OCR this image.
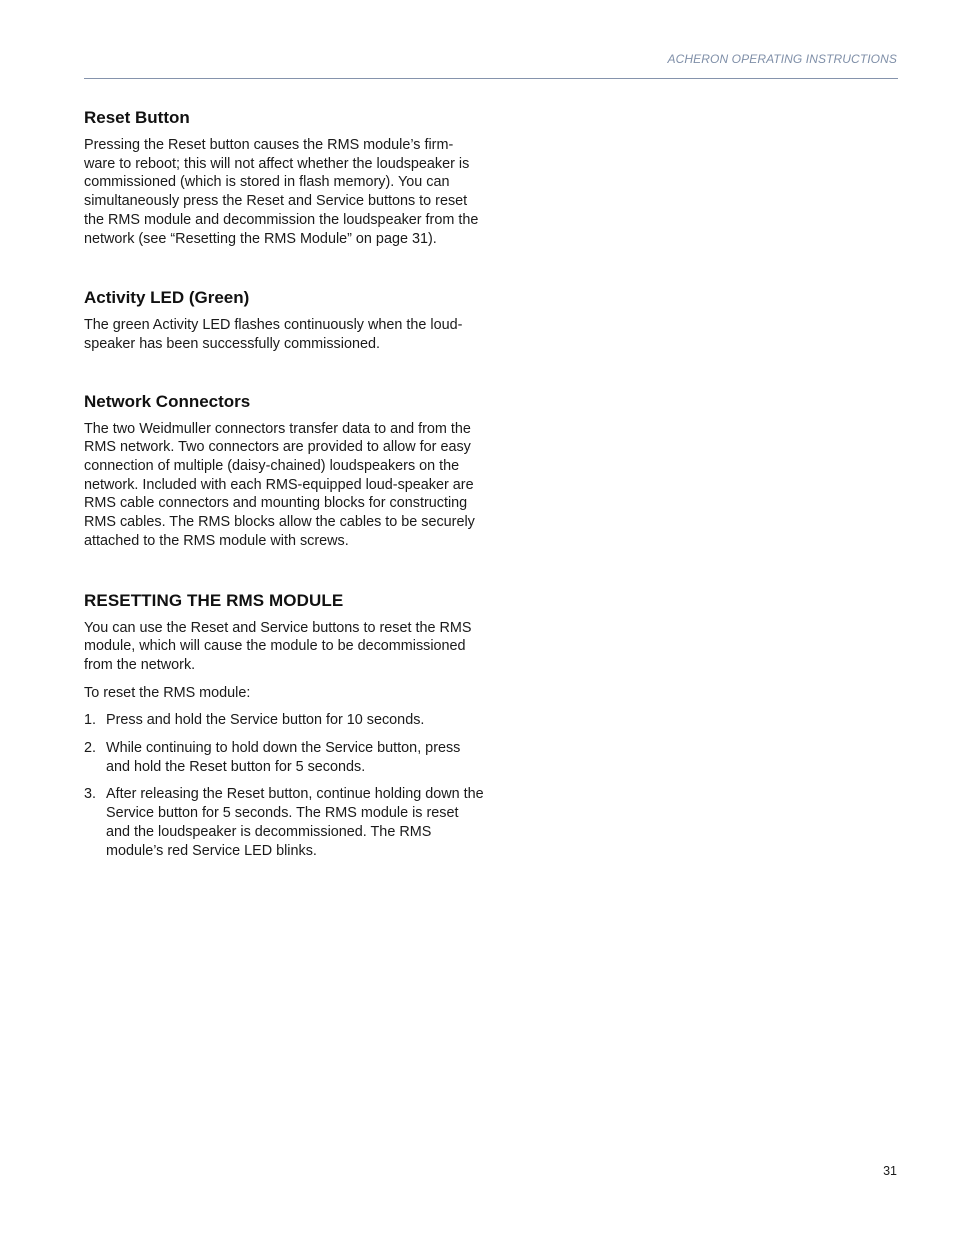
ACHERON OPERATING INSTRUCTIONS
Reset Button

Pressing the Reset button causes the RMS module’s firm-ware to reboot; this will not affect whether the loudspeaker is commissioned (which is stored in flash memory). You can simultaneously press the Reset and Service buttons to reset the RMS module and decommission the loudspeaker from the network (see “Resetting the RMS Module” on page 31).

Activity LED (Green)

The green Activity LED flashes continuously when the loud-speaker has been successfully commissioned.

Network Connectors

The two Weidmuller connectors transfer data to and from the RMS network. Two connectors are provided to allow for easy connection of multiple (daisy-chained) loudspeakers on the network. Included with each RMS-equipped loud-speaker are RMS cable connectors and mounting blocks for constructing RMS cables. The RMS blocks allow the cables to be securely attached to the RMS module with screws.

RESETTING THE RMS MODULE

You can use the Reset and Service buttons to reset the RMS module, which will cause the module to be decommissioned from the network.

To reset the RMS module:

1. Press and hold the Service button for 10 seconds.
2. While continuing to hold down the Service button, press and hold the Reset button for 5 seconds.
3. After releasing the Reset button, continue holding down the Service button for 5 seconds. The RMS module is reset and the loudspeaker is decommissioned. The RMS module’s red Service LED blinks.
31
